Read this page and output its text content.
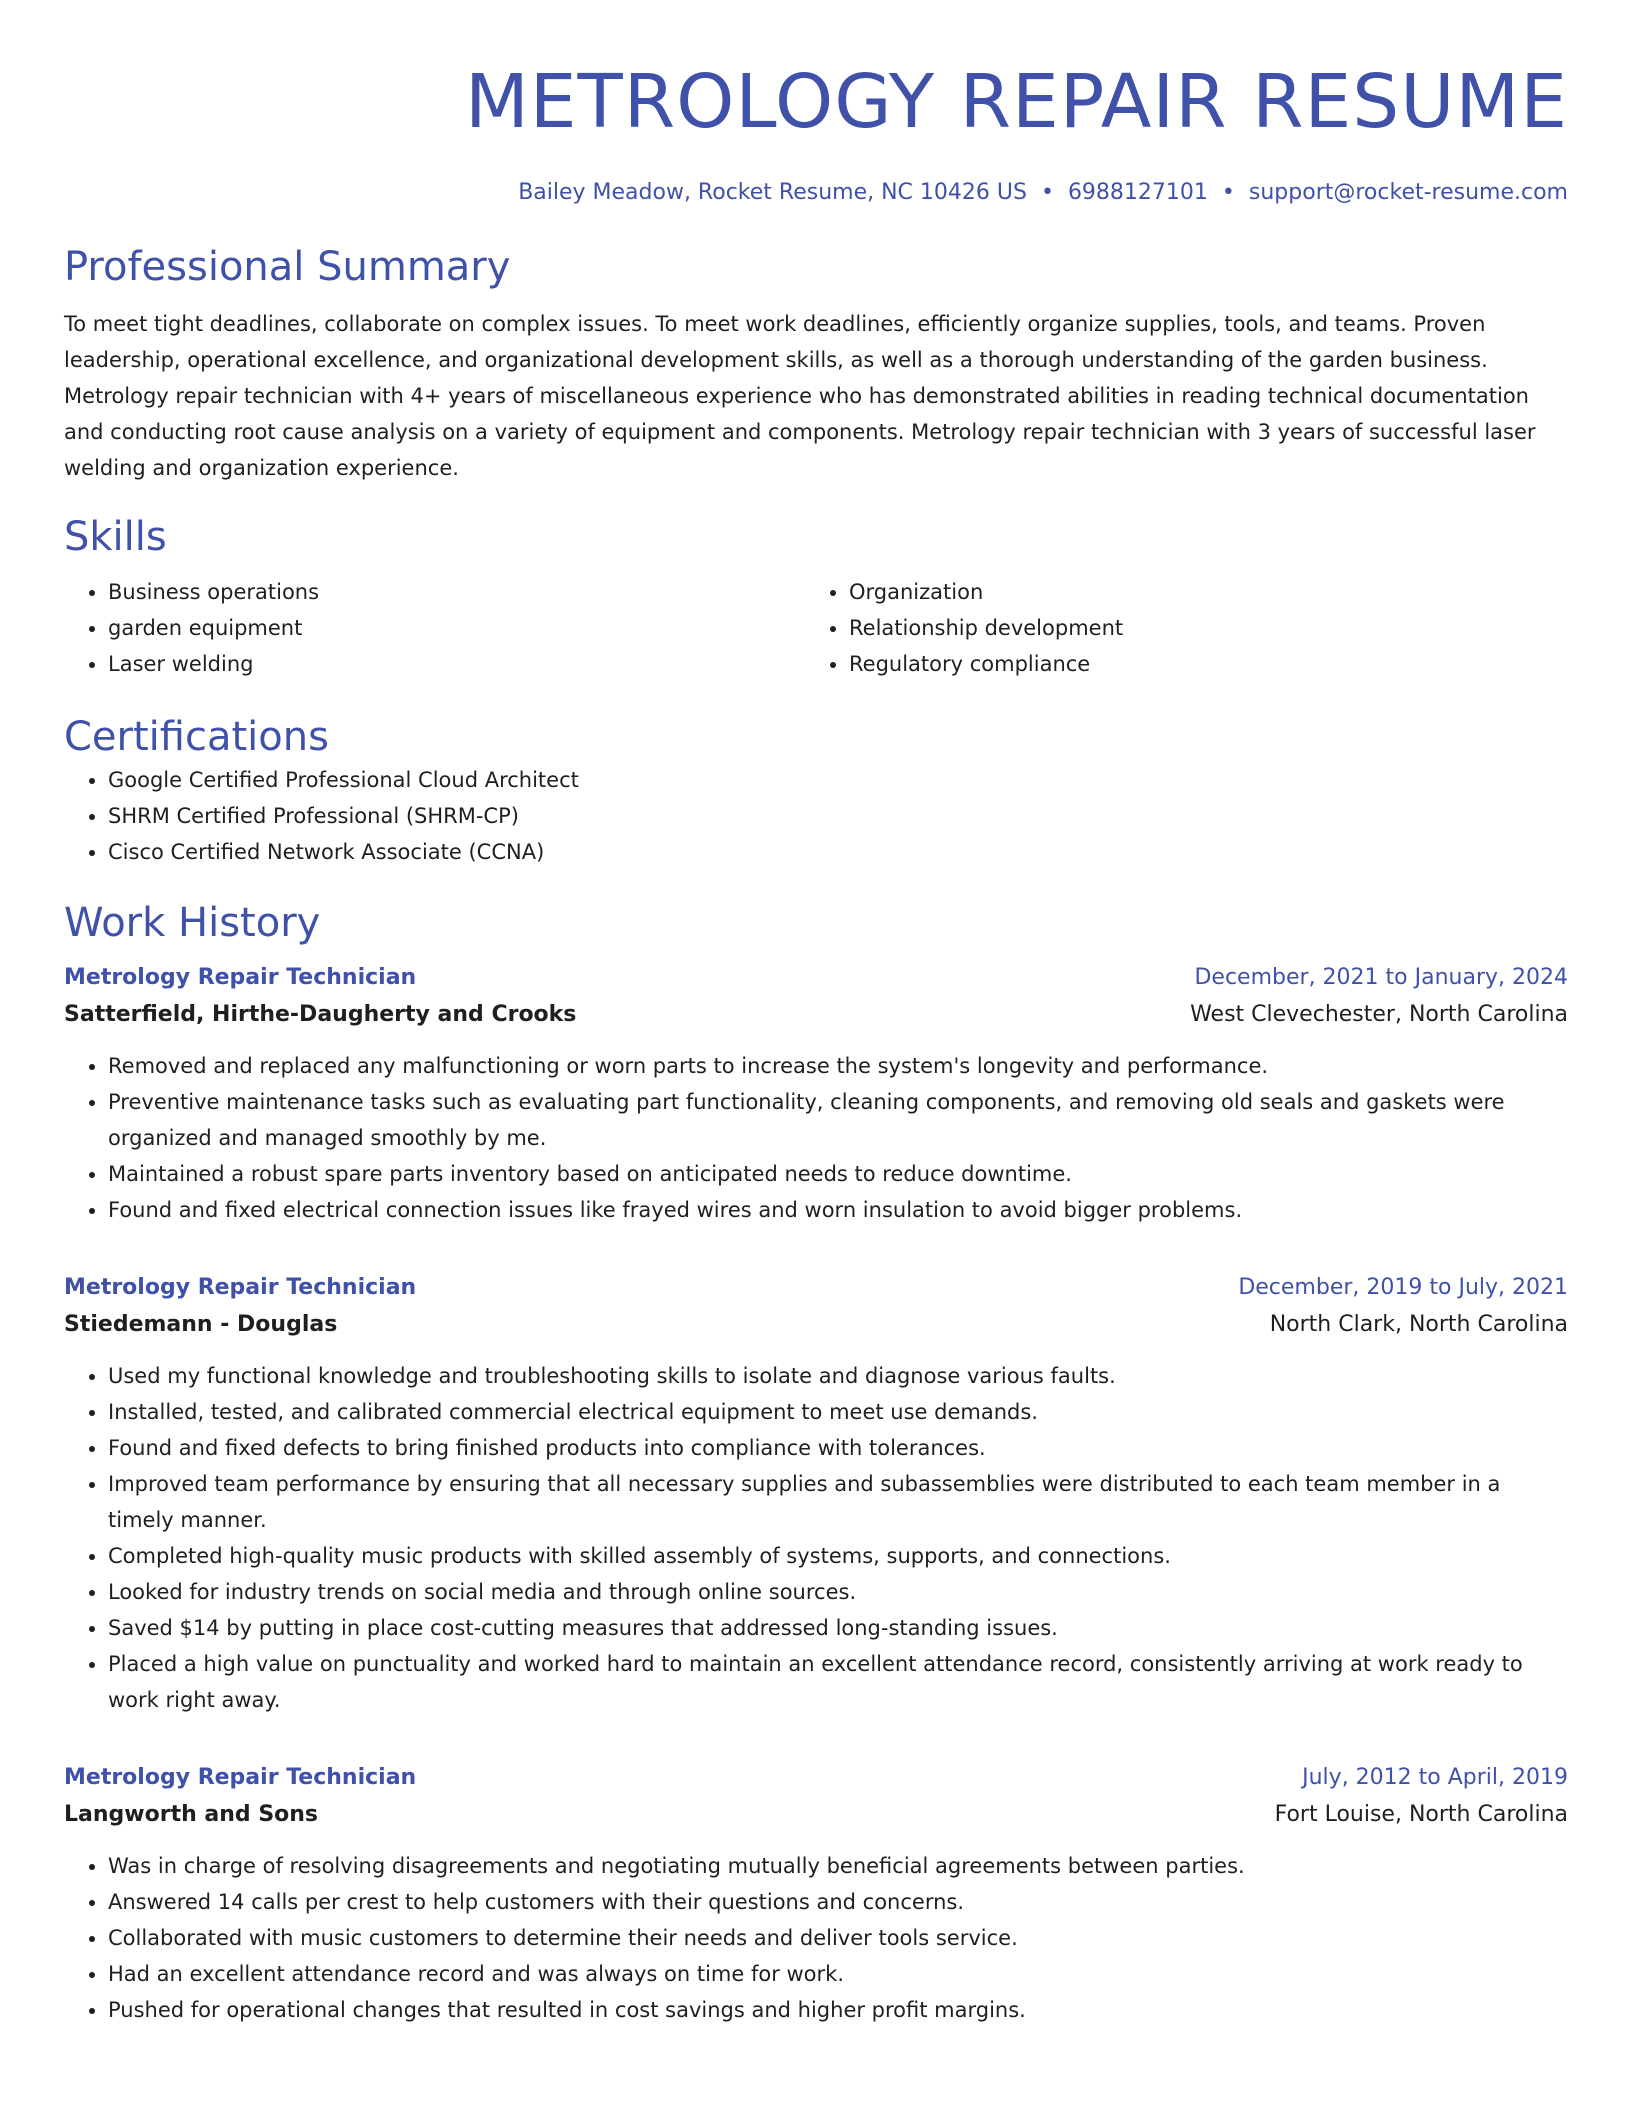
METROLOGY REPAIR RESUME
Bailey Meadow, Rocket Resume, NC 10426 US • 6988127101 • support@rocket-resume.com
Professional Summary
To meet tight deadlines, collaborate on complex issues. To meet work deadlines, efficiently organize supplies, tools, and teams. Proven leadership, operational excellence, and organizational development skills, as well as a thorough understanding of the garden business. Metrology repair technician with 4+ years of miscellaneous experience who has demonstrated abilities in reading technical documentation and conducting root cause analysis on a variety of equipment and components. Metrology repair technician with 3 years of successful laser welding and organization experience.
Skills
• Business operations
• garden equipment
• Laser welding
• Organization
• Relationship development
• Regulatory compliance
Certifications
• Google Certified Professional Cloud Architect
• SHRM Certified Professional (SHRM-CP)
• Cisco Certified Network Associate (CCNA)
Work History
Metrology Repair Technician	December, 2021 to January, 2024
Satterfield, Hirthe-Daugherty and Crooks	West Clevechester, North Carolina
• Removed and replaced any malfunctioning or worn parts to increase the system's longevity and performance.
• Preventive maintenance tasks such as evaluating part functionality, cleaning components, and removing old seals and gaskets were organized and managed smoothly by me.
• Maintained a robust spare parts inventory based on anticipated needs to reduce downtime.
• Found and fixed electrical connection issues like frayed wires and worn insulation to avoid bigger problems.
Metrology Repair Technician	December, 2019 to July, 2021
Stiedemann - Douglas	North Clark, North Carolina
• Used my functional knowledge and troubleshooting skills to isolate and diagnose various faults.
• Installed, tested, and calibrated commercial electrical equipment to meet use demands.
• Found and fixed defects to bring finished products into compliance with tolerances.
• Improved team performance by ensuring that all necessary supplies and subassemblies were distributed to each team member in a timely manner.
• Completed high-quality music products with skilled assembly of systems, supports, and connections.
• Looked for industry trends on social media and through online sources.
• Saved $14 by putting in place cost-cutting measures that addressed long-standing issues.
• Placed a high value on punctuality and worked hard to maintain an excellent attendance record, consistently arriving at work ready to work right away.
Metrology Repair Technician	July, 2012 to April, 2019
Langworth and Sons	Fort Louise, North Carolina
• Was in charge of resolving disagreements and negotiating mutually beneficial agreements between parties.
• Answered 14 calls per crest to help customers with their questions and concerns.
• Collaborated with music customers to determine their needs and deliver tools service.
• Had an excellent attendance record and was always on time for work.
• Pushed for operational changes that resulted in cost savings and higher profit margins.
